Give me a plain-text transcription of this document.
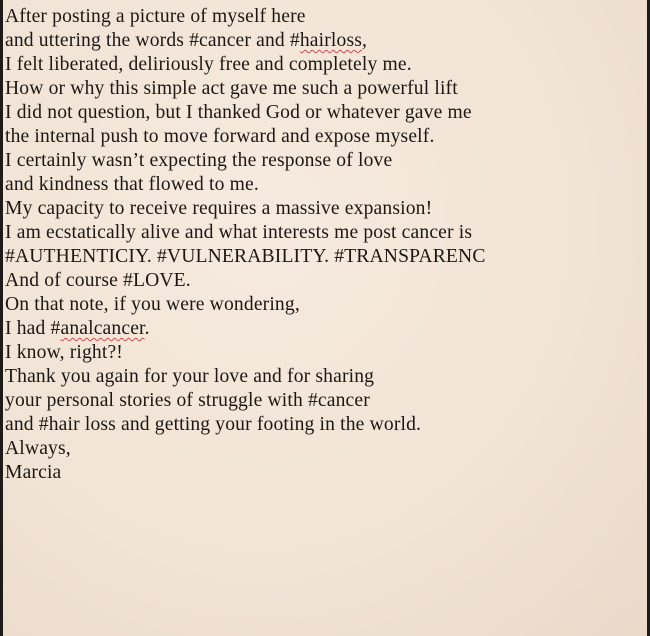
After posting a picture of myself here
and uttering the words #cancer and #hairloss,
I felt liberated, deliriously free and completely me.
How or why this simple act gave me such a powerful lift
I did not question, but I thanked God or whatever gave me
the internal push to move forward and expose myself.
I certainly wasn’t expecting the response of love
and kindness that flowed to me.
My capacity to receive requires a massive expansion!
I am ecstatically alive and what interests me post cancer is
#AUTHENTICIY. #VULNERABILITY. #TRANSPARENC
And of course #LOVE.
On that note, if you were wondering,
I had #analcancer.
I know, right?!
Thank you again for your love and for sharing
your personal stories of struggle with #cancer
and #hair loss and getting your footing in the world.
Always,
Marcia
